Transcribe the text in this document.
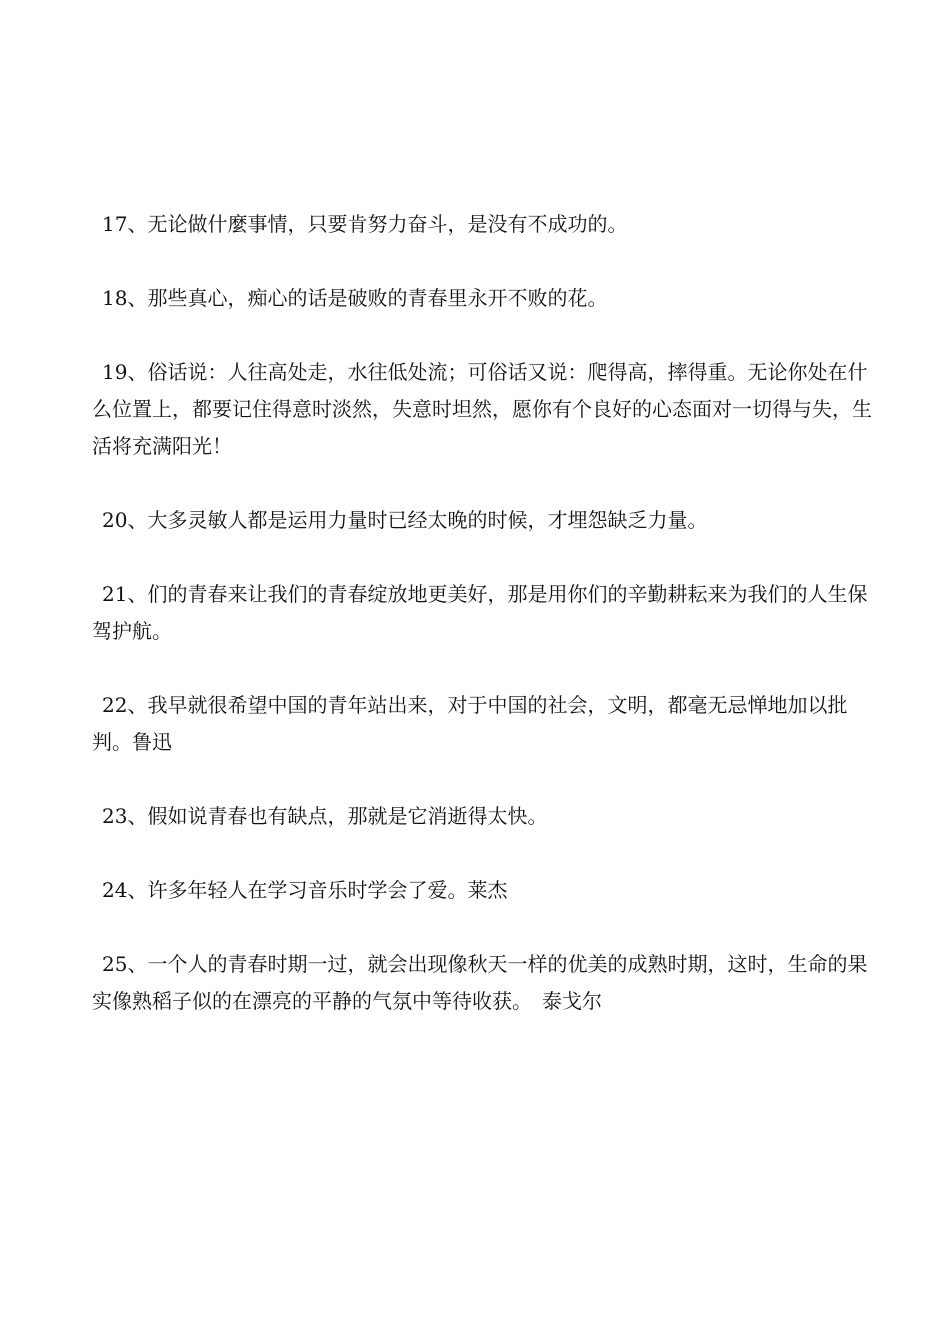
17、无论做什麼事情，只要肯努力奋斗，是没有不成功的。

18、那些真心，痴心的话是破败的青春里永开不败的花。

19、俗话说：人往高处走，水往低处流；可俗话又说：爬得高，摔得重。无论你处在什么位置上，都要记住得意时淡然，失意时坦然，愿你有个良好的心态面对一切得与失，生活将充满阳光！

20、大多灵敏人都是运用力量时已经太晚的时候，才埋怨缺乏力量。

21、们的青春来让我们的青春绽放地更美好，那是用你们的辛勤耕耘来为我们的人生保驾护航。

22、我早就很希望中国的青年站出来，对于中国的社会，文明，都毫无忌惮地加以批判。鲁迅

23、假如说青春也有缺点，那就是它消逝得太快。

24、许多年轻人在学习音乐时学会了爱。莱杰

25、一个人的青春时期一过，就会出现像秋天一样的优美的成熟时期，这时，生命的果实像熟稻子似的在漂亮的平静的气氛中等待收获。　泰戈尔
